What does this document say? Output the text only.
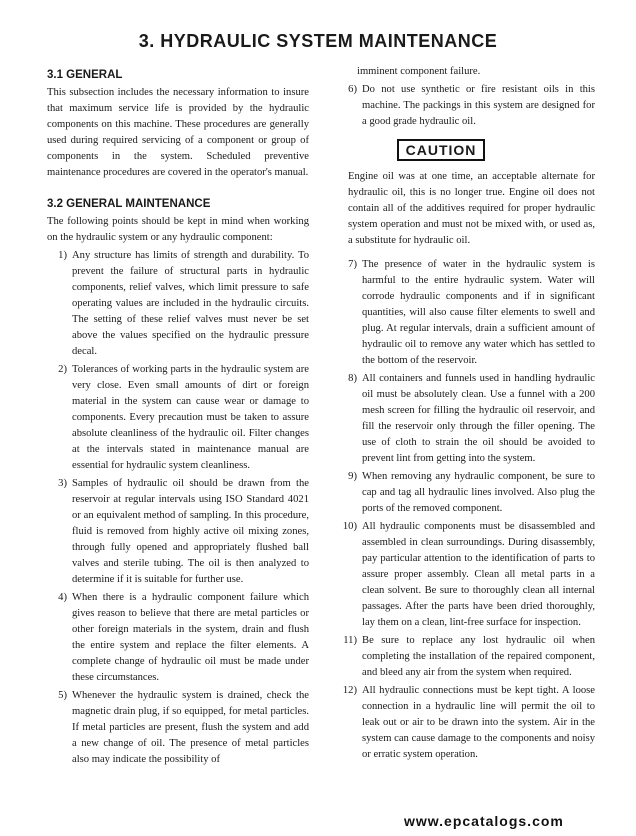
3. HYDRAULIC SYSTEM MAINTENANCE
3.1 GENERAL

This subsection includes the necessary information to insure that maximum service life is provided by the hydraulic components on this machine. These procedures are generally used during required servicing of a component or group of components in the system. Scheduled preventive maintenance procedures are covered in the operator's manual.

3.2 GENERAL MAINTENANCE

The following points should be kept in mind when working on the hydraulic system or any hydraulic component:

1) Any structure has limits of strength and durability. To prevent the failure of structural parts in hydraulic components, relief valves, which limit pressure to safe operating values are included in the hydraulic circuits. The setting of these relief valves must never be set above the values specified on the hydraulic pressure decal.
2) Tolerances of working parts in the hydraulic system are very close. Even small amounts of dirt or foreign material in the system can cause wear or damage to components. Every precaution must be taken to assure absolute cleanliness of the hydraulic oil. Filter changes at the intervals stated in maintenance manual are essential for hydraulic system cleanliness.
3) Samples of hydraulic oil should be drawn from the reservoir at regular intervals using ISO Standard 4021 or an equivalent method of sampling. In this procedure, fluid is removed from highly active oil mixing zones, through fully opened and appropriately flushed ball valves and sterile tubing. The oil is then analyzed to determine if it is suitable for further use.
4) When there is a hydraulic component failure which gives reason to believe that there are metal particles or other foreign materials in the system, drain and flush the entire system and replace the filter elements. A complete change of hydraulic oil must be made under these circumstances.
5) Whenever the hydraulic system is drained, check the magnetic drain plug, if so equipped, for metal particles. If metal particles are present, flush the system and add a new change of oil. The presence of metal particles also may indicate the possibility of

imminent component failure.

6) Do not use synthetic or fire resistant oils in this machine. The packings in this system are designed for a good grade hydraulic oil.
CAUTION

Engine oil was at one time, an acceptable alternate for hydraulic oil, this is no longer true. Engine oil does not contain all of the additives required for proper hydraulic system operation and must not be mixed with, or used as, a substitute for hydraulic oil.

7) The presence of water in the hydraulic system is harmful to the entire hydraulic system. Water will corrode hydraulic components and if in significant quantities, will also cause filter elements to swell and plug. At regular intervals, drain a sufficient amount of hydraulic oil to remove any water which has settled to the bottom of the reservoir.
8) All containers and funnels used in handling hydraulic oil must be absolutely clean. Use a funnel with a 200 mesh screen for filling the hydraulic oil reservoir, and fill the reservoir only through the filler opening. The use of cloth to strain the oil should be avoided to prevent lint from getting into the system.
9) When removing any hydraulic component, be sure to cap and tag all hydraulic lines involved. Also plug the ports of the removed component.
10) All hydraulic components must be disassembled and assembled in clean surroundings. During disassembly, pay particular attention to the identification of parts to assure proper assembly. Clean all metal parts in a clean solvent. Be sure to thoroughly clean all internal passages. After the parts have been dried thoroughly, lay them on a clean, lint-free surface for inspection.
11) Be sure to replace any lost hydraulic oil when completing the installation of the repaired component, and bleed any air from the system when required.
12) All hydraulic connections must be kept tight. A loose connection in a hydraulic line will permit the oil to leak out or air to be drawn into the system. Air in the system can cause damage to the components and noisy or erratic system operation.
www.epcatalogs.com
